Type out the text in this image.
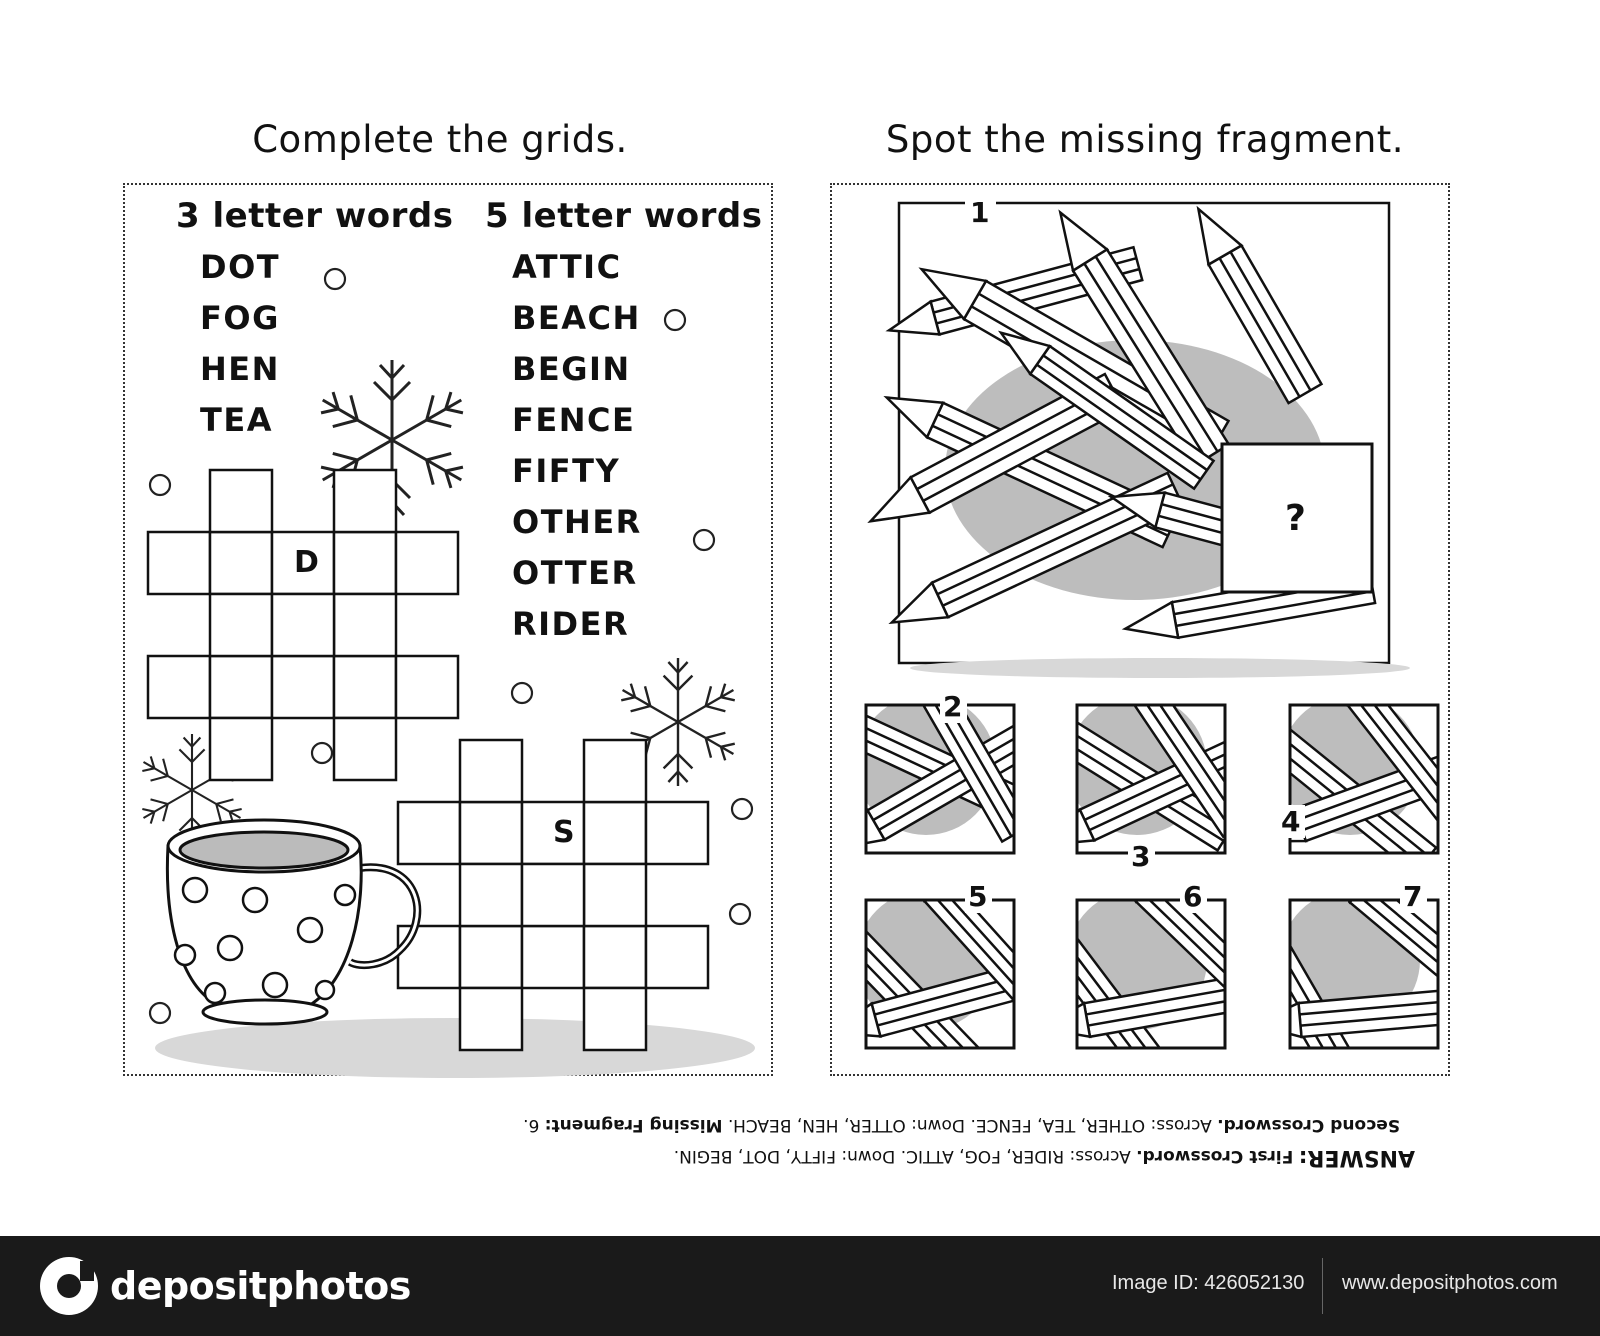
Complete the grids.	Spot the missing fragment.
3 letter words 5 letter words
DOT
FOG
HEN
TEA
ATTIC
BEACH
BEGIN
FENCE
FIFTY
OTHER
OTTER
RIDER
D
S
1
?
2
3
4
5	6	7
Second Crossword. Across: OTHER, TEA, FENCE. Down: OTTER, HEN, BEACH. Missing Fragment: 6.
ANSWER: First Crossword. Across: RIDER, FOG, ATTIC. Down: FIFTY, DOT, BEGIN.
depositphotos	Image ID: 426052130 www.depositphotos.com
